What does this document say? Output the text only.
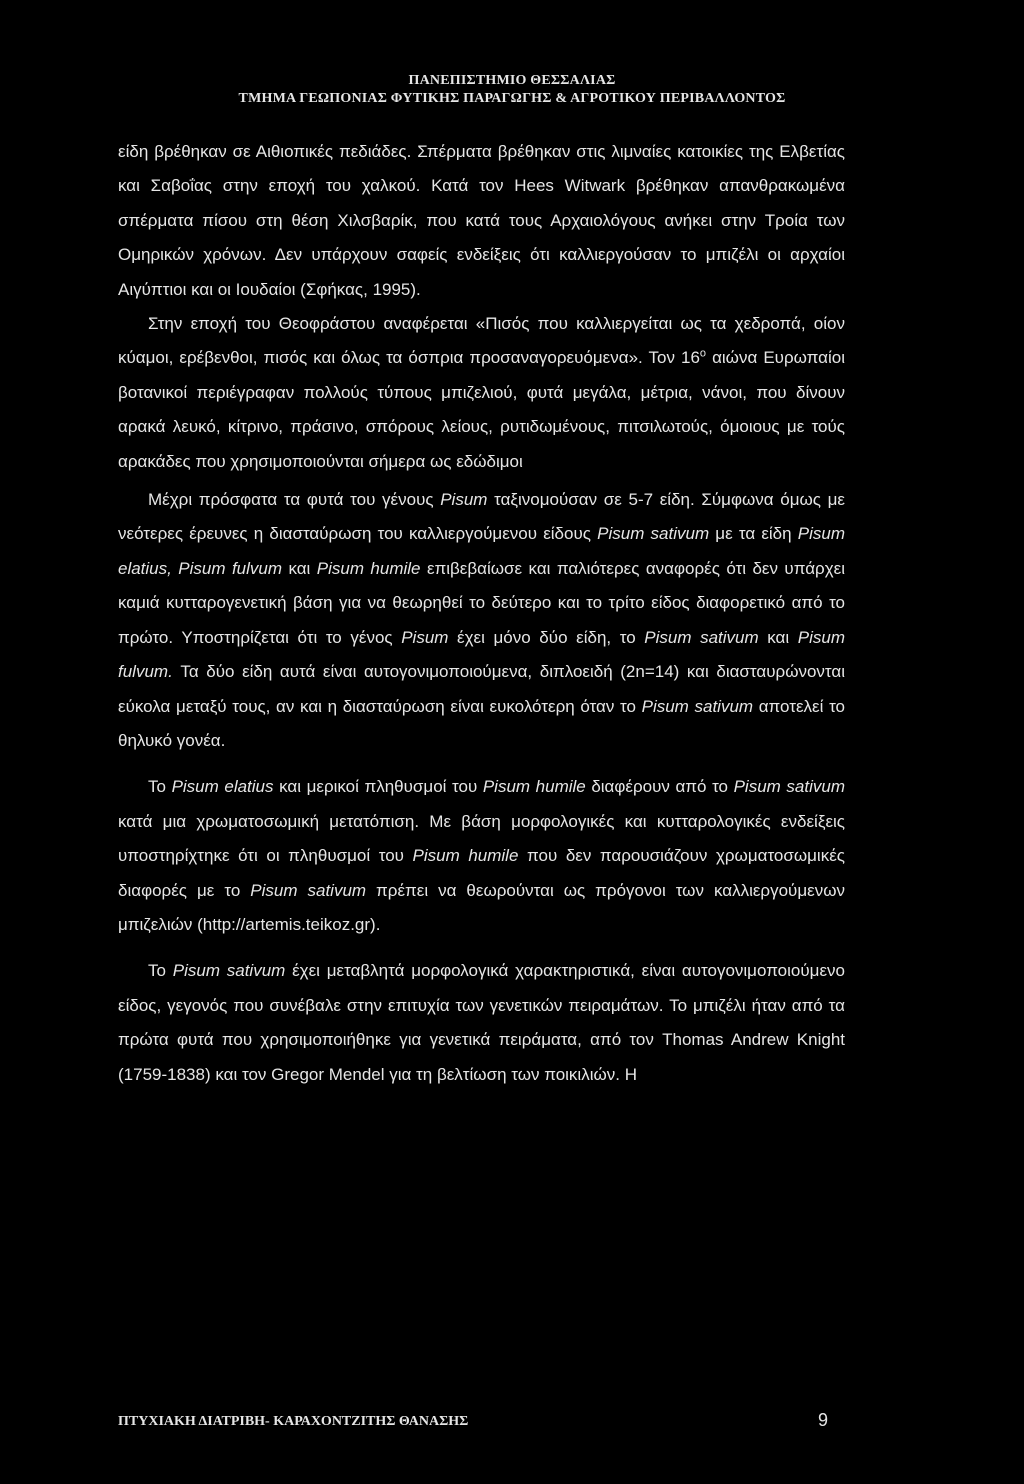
ΠΑΝΕΠΙΣΤΗΜΙΟ ΘΕΣΣΑΛΙΑΣ
ΤΜΗΜΑ ΓΕΩΠΟΝΙΑΣ ΦΥΤΙΚΗΣ ΠΑΡΑΓΩΓΗΣ & ΑΓΡΟΤΙΚΟΥ ΠΕΡΙΒΑΛΛΟΝΤΟΣ

είδη βρέθηκαν σε Αιθιοπικές πεδιάδες. Σπέρματα βρέθηκαν στις λιμναίες κατοικίες της Ελβετίας και Σαβοΐας στην εποχή του χαλκού. Κατά τον Hees Witwark βρέθηκαν απανθρακωμένα σπέρματα πίσου στη θέση Χιλσβαρίκ, που κατά τους Αρχαιολόγους ανήκει στην Τροία των Ομηρικών χρόνων. Δεν υπάρχουν σαφείς ενδείξεις ότι καλλιεργούσαν το μπιζέλι οι αρχαίοι Αιγύπτιοι και οι Ιουδαίοι (Σφήκας, 1995).

Στην εποχή του Θεοφράστου αναφέρεται «Πισός που καλλιεργείται ως τα χεδροπά, οίον κύαμοι, ερέβενθοι, πισός και όλως τα όσπρια προσαναγορευόμενα». Τον $16^o$ αιώνα Ευρωπαίοι βοτανικοί περιέγραφαν πολλούς τύπους μπιζελιού, φυτά μεγάλα, μέτρια, νάνοι, που δίνουν αρακά λευκό, κίτρινο, πράσινο, σπόρους λείους, ρυτιδωμένους, πιτσιλωτούς, όμοιους με τούς αρακάδες που χρησιμοποιούνται σήμερα ως εδώδιμοι

Μέχρι πρόσφατα τα φυτά του γένους Pisum ταξινομούσαν σε 5-7 είδη. Σύμφωνα όμως με νεότερες έρευνες η διασταύρωση του καλλιεργούμενου είδους Pisum sativum με τα είδη Pisum elatius, Pisum fulvum και Pisum humile επιβεβαίωσε και παλιότερες αναφορές ότι δεν υπάρχει καμιά κυτταρογενετική βάση για να θεωρηθεί το δεύτερο και το τρίτο είδος διαφορετικό από το πρώτο. Υποστηρίζεται ότι το γένος Pisum έχει μόνο δύο είδη, το Pisum sativum και Pisum fulvum. Τα δύο είδη αυτά είναι αυτογονιμοποιούμενα, διπλοειδή (2n=14) και διασταυρώνονται εύκολα μεταξύ τους, αν και η διασταύρωση είναι ευκολότερη όταν το Pisum sativum αποτελεί το θηλυκό γονέα.

Το Pisum elatius και μερικοί πληθυσμοί του Pisum humile διαφέρουν από το Pisum sativum κατά μια χρωματοσωμική μετατόπιση. Με βάση μορφολογικές και κυτταρολογικές ενδείξεις υποστηρίχτηκε ότι οι πληθυσμοί του Pisum humile που δεν παρουσιάζουν χρωματοσωμικές διαφορές με το Pisum sativum πρέπει να θεωρούνται ως πρόγονοι των καλλιεργούμενων μπιζελιών (http://artemis.teikoz.gr).

Το Pisum sativum έχει μεταβλητά μορφολογικά χαρακτηριστικά, είναι αυτογονιμοποιούμενο είδος, γεγονός που συνέβαλε στην επιτυχία των γενετικών πειραμάτων. Το μπιζέλι ήταν από τα πρώτα φυτά που χρησιμοποιήθηκε για γενετικά πειράματα, από τον Thomas Andrew Knight (1759-1838) και τον Gregor Mendel για τη βελτίωση των ποικιλιών. Η

ΠΤΥΧΙΑΚΗ ΔΙΑΤΡΙΒΗ- ΚΑΡΑΧΟΝΤΖΙΤΗΣ ΘΑΝΑΣΗΣ	9
